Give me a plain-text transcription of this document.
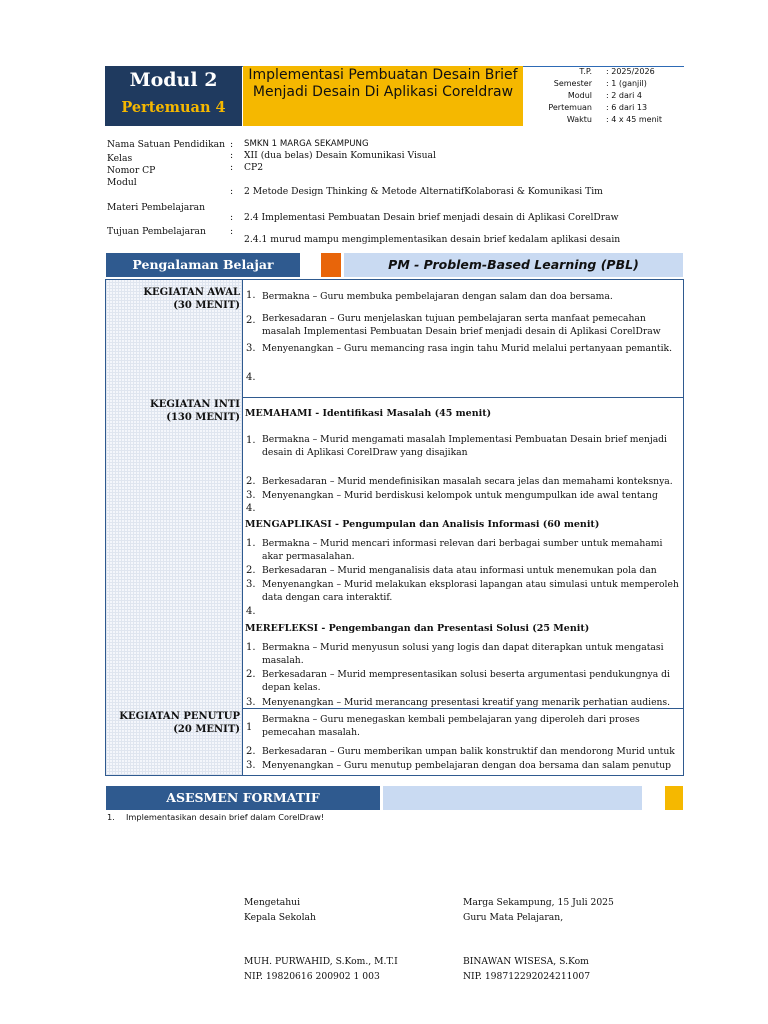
Modul 2
Pertemuan 4
Implementasi Pembuatan Desain Brief Menjadi Desain Di Aplikasi Coreldraw
T.P. : 2025/2026
Semester : 1 (ganjil)
Modul : 2 dari 4
Pertemuan : 6 dari 13
Waktu : 4 x 45 menit
Nama Satuan Pendidikan
Kelas
Nomor CP
Modul
Materi Pembelajaran
Tujuan Pembelajaran
:
:
:
:
:
:
SMKN 1 MARGA SEKAMPUNG
XII (dua belas) Desain Komunikasi Visual
CP2
2 Metode Design Thinking & Metode AlternatifKolaborasi & Komunikasi Tim
2.4 Implementasi Pembuatan Desain brief menjadi desain di Aplikasi CorelDraw
2.4.1 murud mampu mengimplementasikan desain brief kedalam aplikasi desain
Pengalaman Belajar	PM - Problem-Based Learning (PBL)
KEGIATAN AWAL
(30 MENIT)
1. Bermakna – Guru membuka pembelajaran dengan salam dan doa bersama.
2. Berkesadaran – Guru menjelaskan tujuan pembelajaran serta manfaat pemecahan masalah Implementasi Pembuatan Desain brief menjadi desain di Aplikasi CorelDraw
3. Menyenangkan – Guru memancing rasa ingin tahu Murid melalui pertanyaan pemantik.
4.
KEGIATAN INTI
(130 MENIT) MEMAHAMI - Identifikasi Masalah (45 menit)
1. Bermakna – Murid mengamati masalah Implementasi Pembuatan Desain brief menjadi desain di Aplikasi CorelDraw yang disajikan
2. Berkesadaran – Murid mendefinisikan masalah secara jelas dan memahami konteksnya.
3. Menyenangkan – Murid berdiskusi kelompok untuk mengumpulkan ide awal tentang
4.
MENGAPLIKASI - Pengumpulan dan Analisis Informasi (60 menit)
1. Bermakna – Murid mencari informasi relevan dari berbagai sumber untuk memahami akar permasalahan.
2. Berkesadaran – Murid menganalisis data atau informasi untuk menemukan pola dan
3. Menyenangkan – Murid melakukan eksplorasi lapangan atau simulasi untuk memperoleh data dengan cara interaktif.
4.
MEREFLEKSI - Pengembangan dan Presentasi Solusi (25 Menit)
1. Bermakna – Murid menyusun solusi yang logis dan dapat diterapkan untuk mengatasi masalah.
2. Berkesadaran – Murid mempresentasikan solusi beserta argumentasi pendukungnya di depan kelas.
3. Menyenangkan – Murid merancang presentasi kreatif yang menarik perhatian audiens.
KEGIATAN PENUTUP
(20 MENIT) 1
Bermakna – Guru menegaskan kembali pembelajaran yang diperoleh dari proses pemecahan masalah.
2. Berkesadaran – Guru memberikan umpan balik konstruktif dan mendorong Murid untuk
3. Menyenangkan – Guru menutup pembelajaran dengan doa bersama dan salam penutup
ASESMEN FORMATIF
1. Implementasikan desain brief dalam CorelDraw!
Mengetahui
Kepala Sekolah
MUH. PURWAHID, S.Kom., M.T.I
NIP. 19820616 200902 1 003
Marga Sekampung, 15 Juli 2025
Guru Mata Pelajaran,
BINAWAN WISESA, S.Kom
NIP. 198712292024211007
